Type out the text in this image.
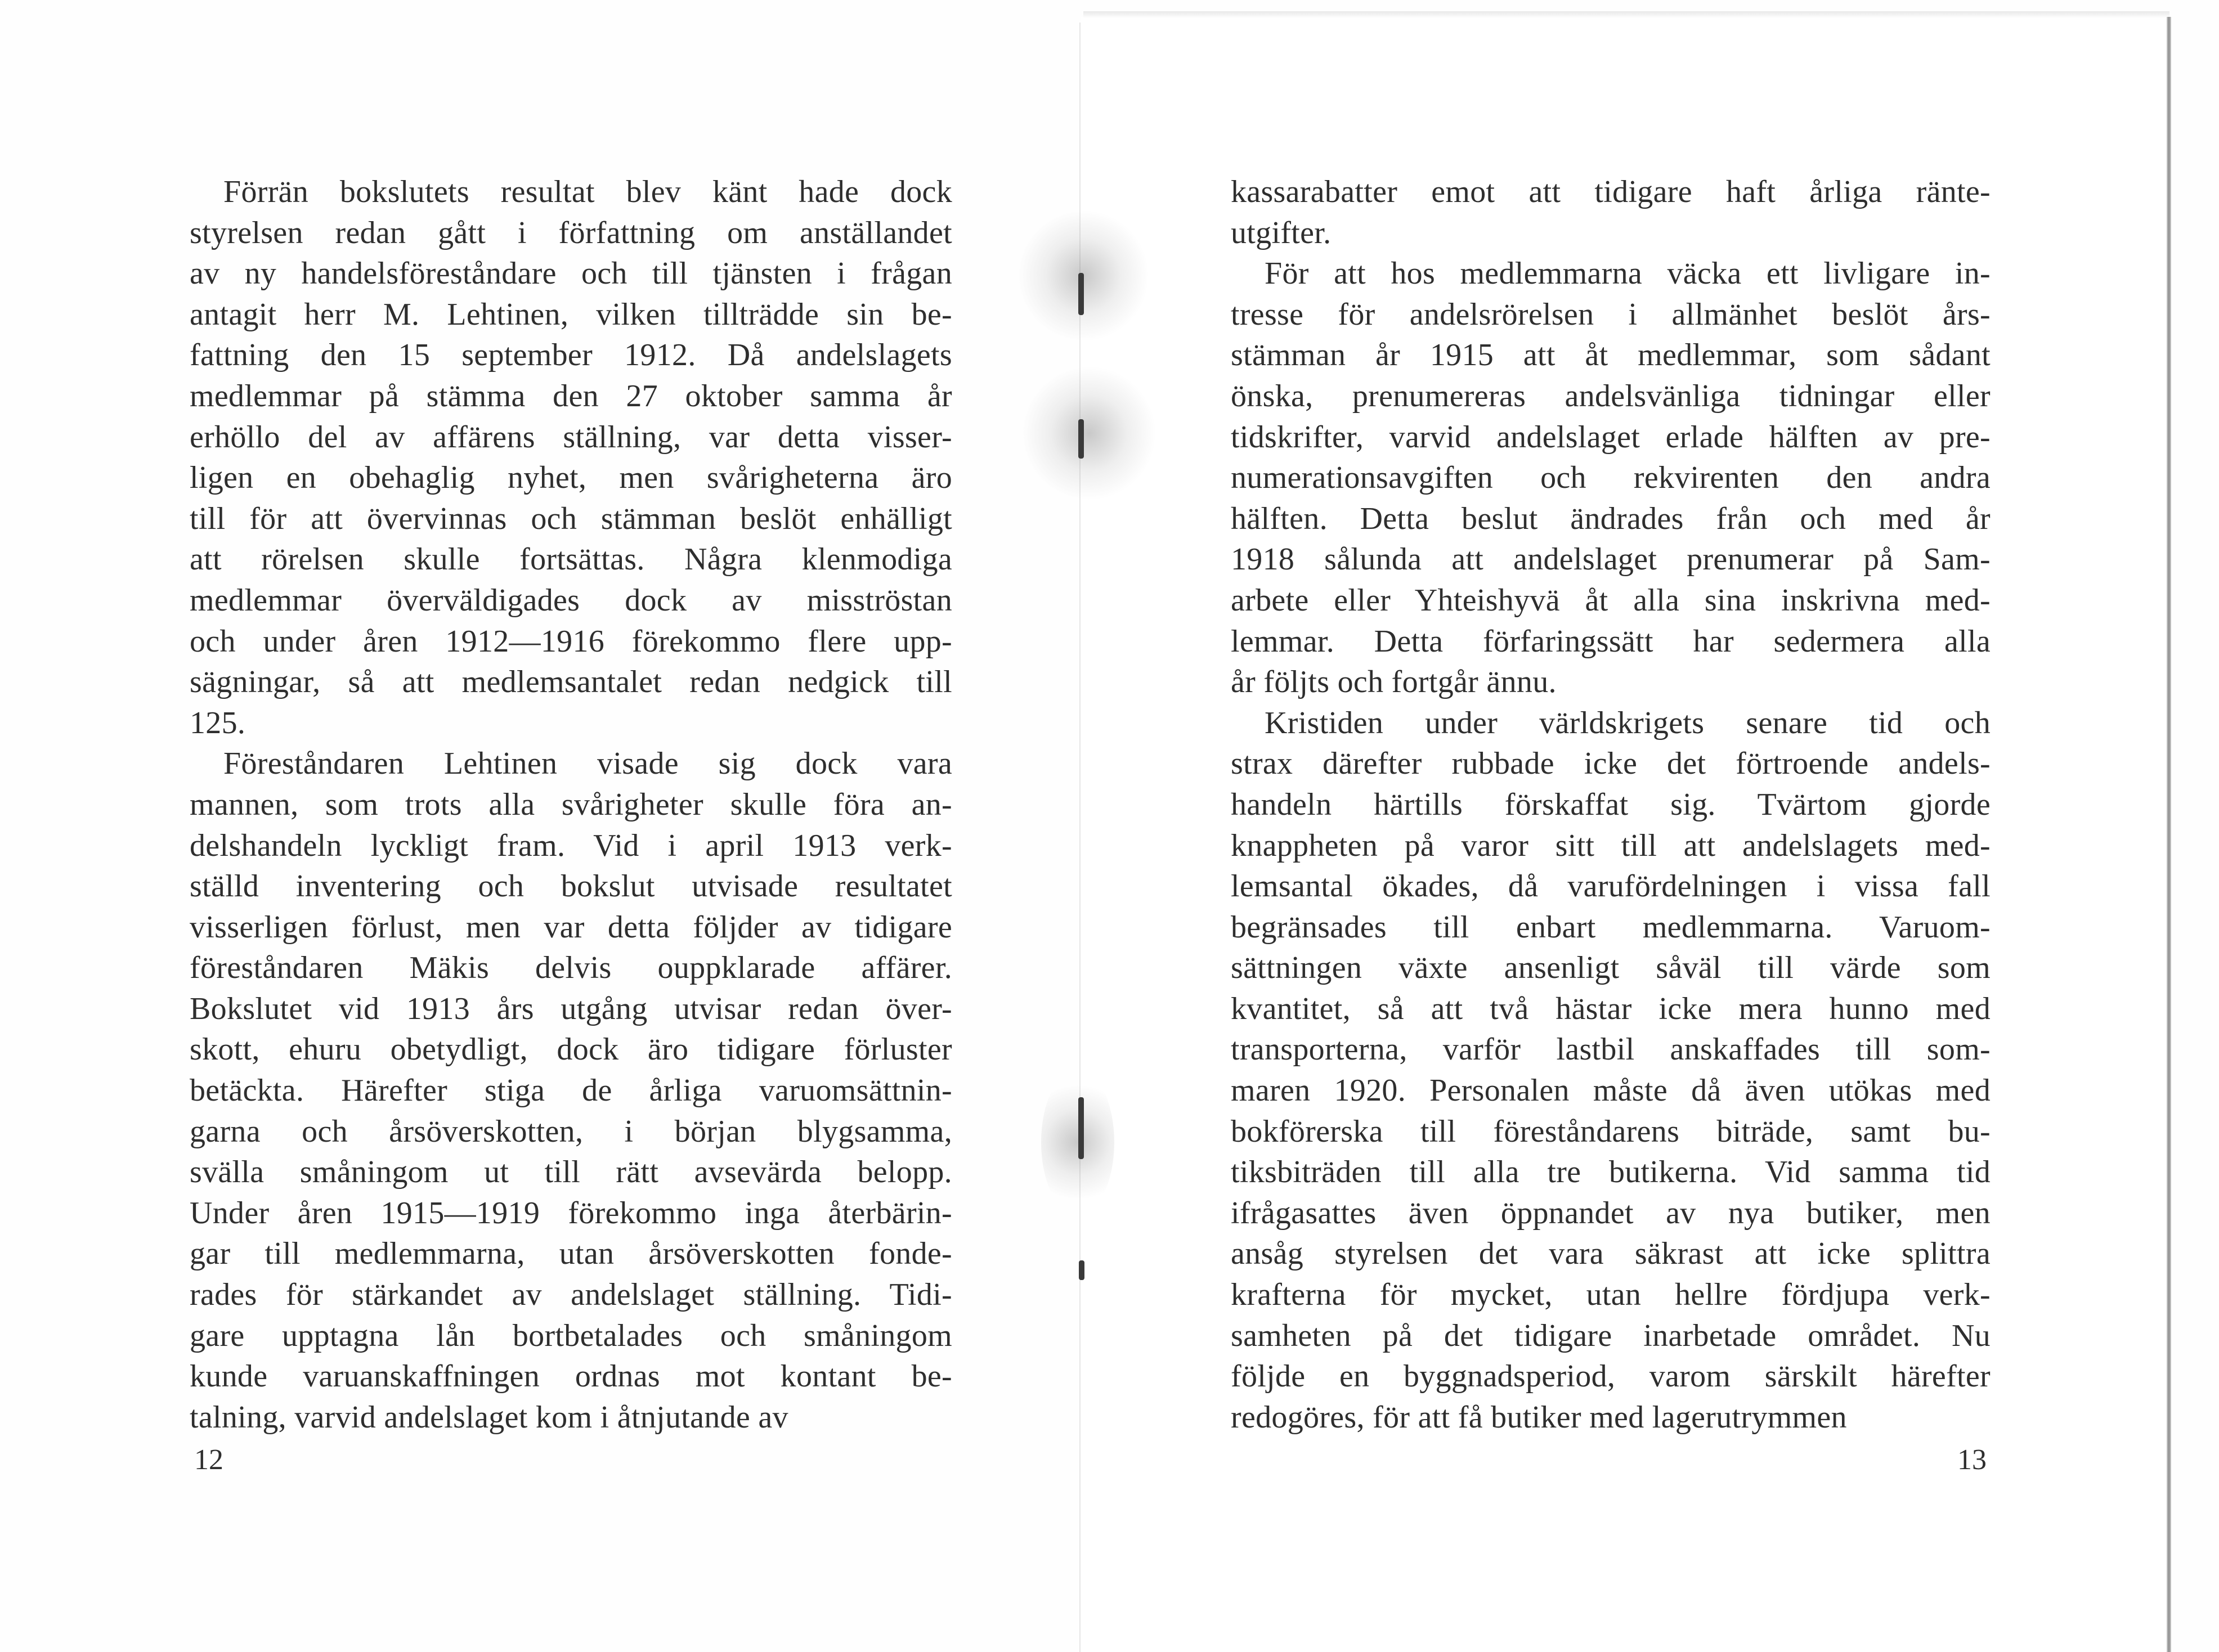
Förrän bokslutets resultat blev känt hade dock
styrelsen redan gått i författning om anställandet
av ny handelsföreståndare och till tjänsten i frågan
antagit herr M. Lehtinen, vilken tillträdde sin be-
fattning den 15 september 1912. Då andelslagets
medlemmar på stämma den 27 oktober samma år
erhöllo del av affärens ställning, var detta visser-
ligen en obehaglig nyhet, men svårigheterna äro
till för att övervinnas och stämman beslöt enhälligt
att rörelsen skulle fortsättas. Några klenmodiga
medlemmar överväldigades dock av misströstan
och under åren 1912—1916 förekommo flere upp-
sägningar, så att medlemsantalet redan nedgick till
125.
Föreståndaren Lehtinen visade sig dock vara
mannen, som trots alla svårigheter skulle föra an-
delshandeln lyckligt fram. Vid i april 1913 verk-
ställd inventering och bokslut utvisade resultatet
visserligen förlust, men var detta följder av tidigare
föreståndaren Mäkis delvis ouppklarade affärer.
Bokslutet vid 1913 års utgång utvisar redan över-
skott, ehuru obetydligt, dock äro tidigare förluster
betäckta. Härefter stiga de årliga varuomsättnin-
garna och årsöverskotten, i början blygsamma,
svälla småningom ut till rätt avsevärda belopp.
Under åren 1915—1919 förekommo inga återbärin-
gar till medlemmarna, utan årsöverskotten fonde-
rades för stärkandet av andelslaget ställning. Tidi-
gare upptagna lån bortbetalades och småningom
kunde varuanskaffningen ordnas mot kontant be-
talning, varvid andelslaget kom i åtnjutande av
kassarabatter emot att tidigare haft årliga ränte-
utgifter.
För att hos medlemmarna väcka ett livligare in-
tresse för andelsrörelsen i allmänhet beslöt års-
stämman år 1915 att åt medlemmar, som sådant
önska, prenumereras andelsvänliga tidningar eller
tidskrifter, varvid andelslaget erlade hälften av pre-
numerationsavgiften och rekvirenten den andra
hälften. Detta beslut ändrades från och med år
1918 sålunda att andelslaget prenumerar på Sam-
arbete eller Yhteishyvä åt alla sina inskrivna med-
lemmar. Detta förfaringssätt har sedermera alla
år följts och fortgår ännu.
Kristiden under världskrigets senare tid och
strax därefter rubbade icke det förtroende andels-
handeln härtills förskaffat sig. Tvärtom gjorde
knappheten på varor sitt till att andelslagets med-
lemsantal ökades, då varufördelningen i vissa fall
begränsades till enbart medlemmarna. Varuom-
sättningen växte ansenligt såväl till värde som
kvantitet, så att två hästar icke mera hunno med
transporterna, varför lastbil anskaffades till som-
maren 1920. Personalen måste då även utökas med
bokförerska till föreståndarens biträde, samt bu-
tiksbiträden till alla tre butikerna. Vid samma tid
ifrågasattes även öppnandet av nya butiker, men
ansåg styrelsen det vara säkrast att icke splittra
krafterna för mycket, utan hellre fördjupa verk-
samheten på det tidigare inarbetade området. Nu
följde en byggnadsperiod, varom särskilt härefter
redogöres, för att få butiker med lagerutrymmen
12	13
